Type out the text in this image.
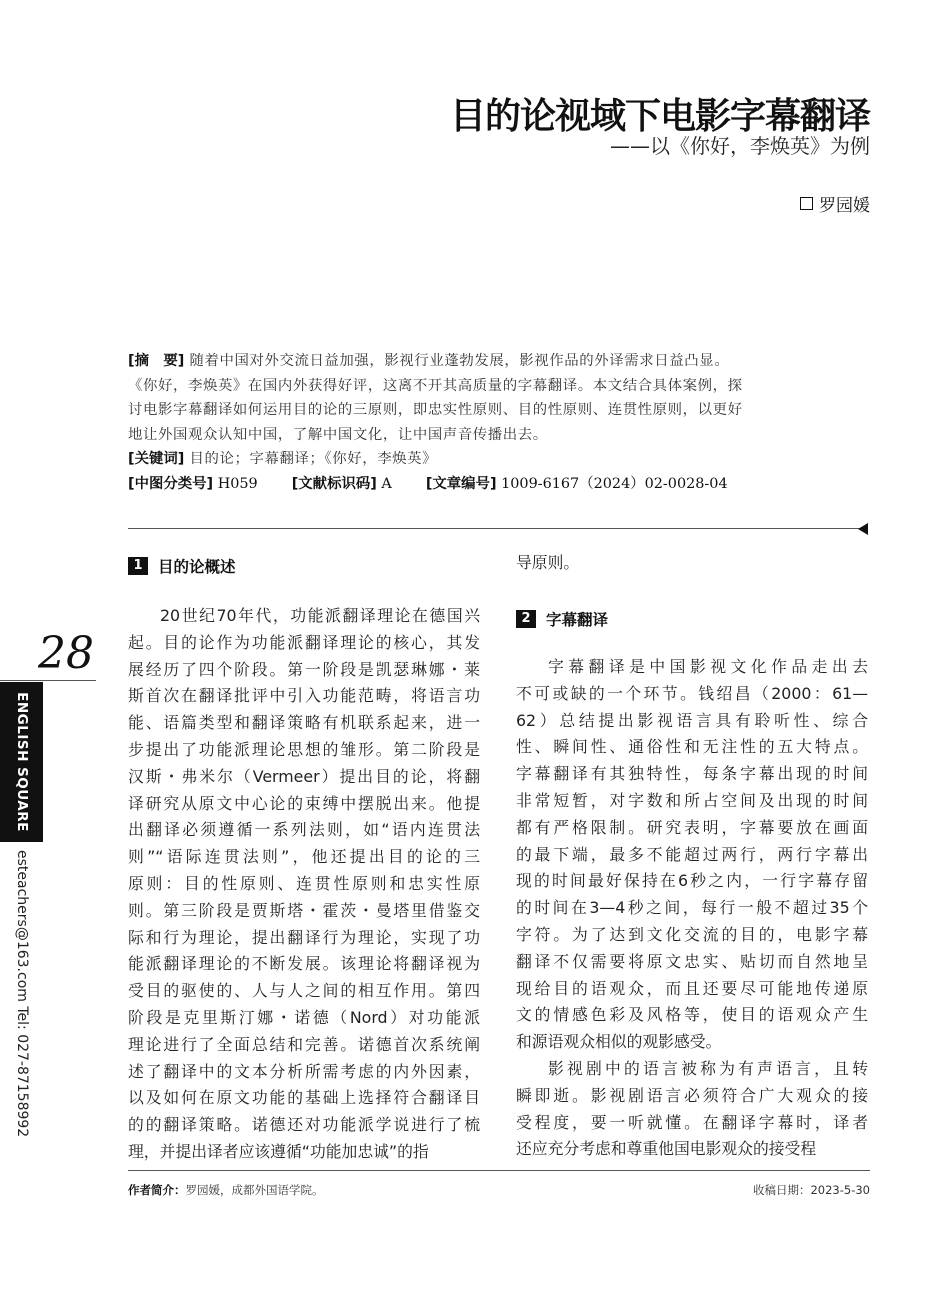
目的论视域下电影字幕翻译
——以《你好，李焕英》为例
罗园媛
[摘　要] 随着中国对外交流日益加强，影视行业蓬勃发展，影视作品的外译需求日益凸显。
《你好，李焕英》在国内外获得好评，这离不开其高质量的字幕翻译。本文结合具体案例，探
讨电影字幕翻译如何运用目的论的三原则，即忠实性原则、目的性原则、连贯性原则，以更好
地让外国观众认知中国，了解中国文化，让中国声音传播出去。
[关键词] 目的论；字幕翻译；《你好，李焕英》
[中图分类号] H059 [文献标识码] A [文章编号] 1009-6167（2024）02-0028-04
1 目的论概述

20世纪70年代，功能派翻译理论在德国兴
起。目的论作为功能派翻译理论的核心，其发
展经历了四个阶段。第一阶段是凯瑟琳娜・莱
斯首次在翻译批评中引入功能范畴，将语言功
能、语篇类型和翻译策略有机联系起来，进一
步提出了功能派理论思想的雏形。第二阶段是
汉斯・弗米尔（Vermeer）提出目的论，将翻
译研究从原文中心论的束缚中摆脱出来。他提
出翻译必须遵循一系列法则，如“语内连贯法
则”“语际连贯法则”，他还提出目的论的三
原则：目的性原则、连贯性原则和忠实性原
则。第三阶段是贾斯塔・霍茨・曼塔里借鉴交
际和行为理论，提出翻译行为理论，实现了功
能派翻译理论的不断发展。该理论将翻译视为
受目的驱使的、人与人之间的相互作用。第四
阶段是克里斯汀娜・诺德（Nord）对功能派
理论进行了全面总结和完善。诺德首次系统阐
述了翻译中的文本分析所需考虑的内外因素，
以及如何在原文功能的基础上选择符合翻译目
的的翻译策略。诺德还对功能派学说进行了梳
理，并提出译者应该遵循“功能加忠诚”的指

导原则。

2 字幕翻译

字幕翻译是中国影视文化作品走出去
不可或缺的一个环节。钱绍昌（2000：61—
62）总结提出影视语言具有聆听性、综合
性、瞬间性、通俗性和无注性的五大特点。
字幕翻译有其独特性，每条字幕出现的时间
非常短暂，对字数和所占空间及出现的时间
都有严格限制。研究表明，字幕要放在画面
的最下端，最多不能超过两行，两行字幕出
现的时间最好保持在6秒之内，一行字幕存留
的时间在3—4秒之间，每行一般不超过35个
字符。为了达到文化交流的目的，电影字幕
翻译不仅需要将原文忠实、贴切而自然地呈
现给目的语观众，而且还要尽可能地传递原
文的情感色彩及风格等，使目的语观众产生
和源语观众相似的观影感受。

影视剧中的语言被称为有声语言，且转
瞬即逝。影视剧语言必须符合广大观众的接
受程度，要一听就懂。在翻译字幕时，译者
还应充分考虑和尊重他国电影观众的接受程

28
ENGLISH SQUARE
esteachers@163.com Tel: 027-87158992
作者简介：罗园媛，成都外国语学院。	收稿日期：2023-5-30
